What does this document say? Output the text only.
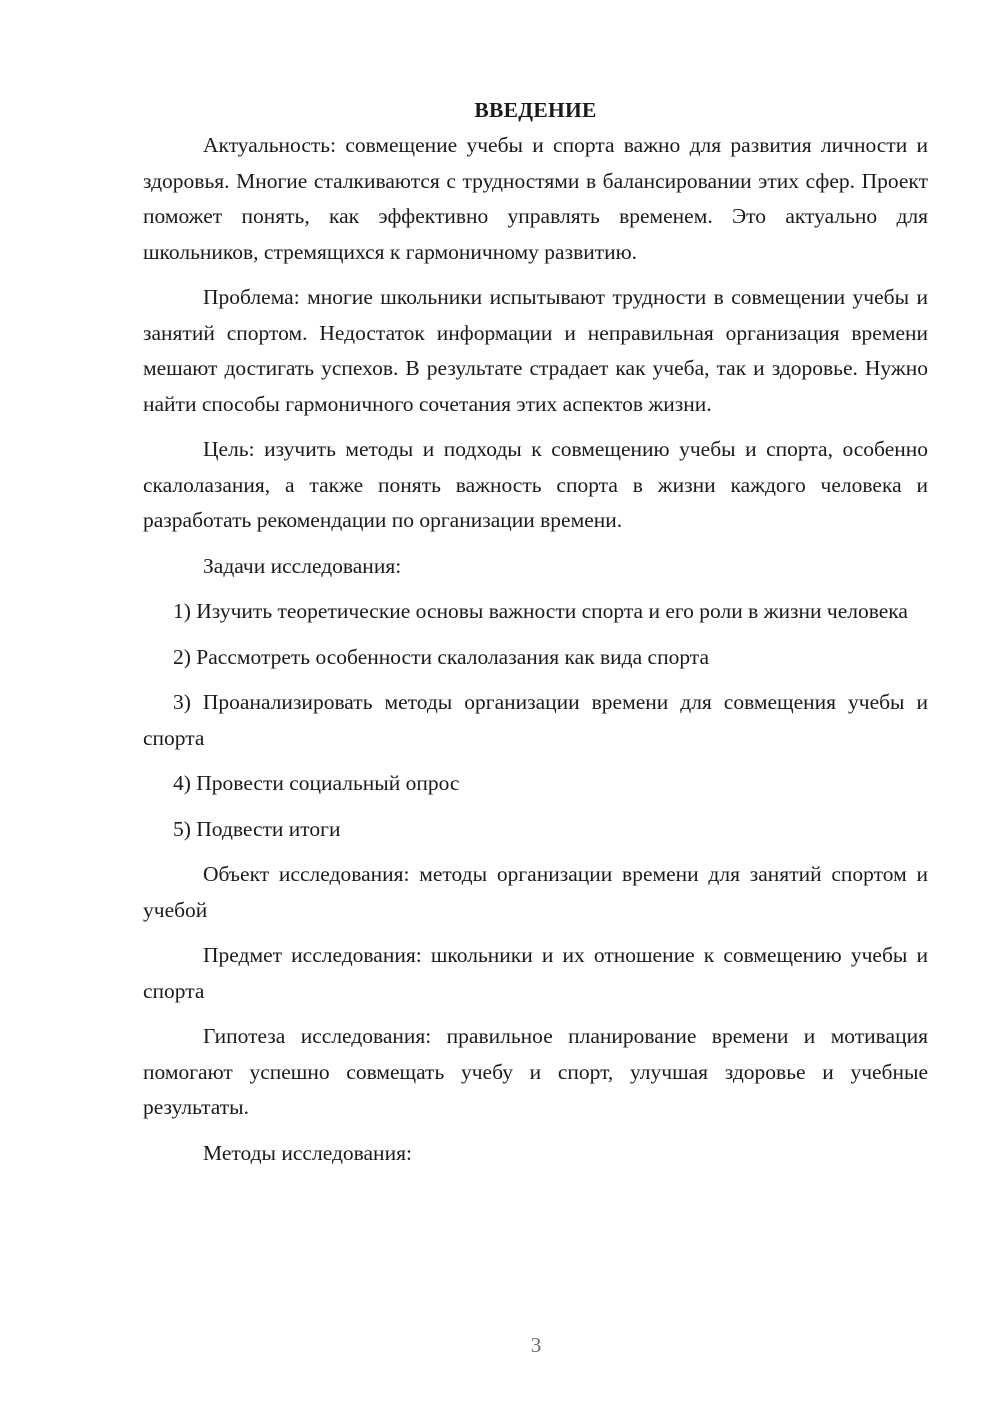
ВВЕДЕНИЕ

Актуальность: совмещение учебы и спорта важно для развития личности и здоровья. Многие сталкиваются с трудностями в балансировании этих сфер. Проект поможет понять, как эффективно управлять временем. Это актуально для школьников, стремящихся к гармоничному развитию.

Проблема: многие школьники испытывают трудности в совмещении учебы и занятий спортом. Недостаток информации и неправильная организация времени мешают достигать успехов. В результате страдает как учеба, так и здоровье. Нужно найти способы гармоничного сочетания этих аспектов жизни.

Цель: изучить методы и подходы к совмещению учебы и спорта, особенно скалолазания, а также понять важность спорта в жизни каждого человека и разработать рекомендации по организации времени.

Задачи исследования:

1) Изучить теоретические основы важности спорта и его роли в жизни человека

2) Рассмотреть особенности скалолазания как вида спорта

3) Проанализировать методы организации времени для совмещения учебы и спорта

4) Провести социальный опрос

5) Подвести итоги

Объект исследования: методы организации времени для занятий спортом и учебой

Предмет исследования: школьники и их отношение к совмещению учебы и спорта

Гипотеза исследования: правильное планирование времени и мотивация помогают успешно совмещать учебу и спорт, улучшая здоровье и учебные результаты.

Методы исследования:

3
